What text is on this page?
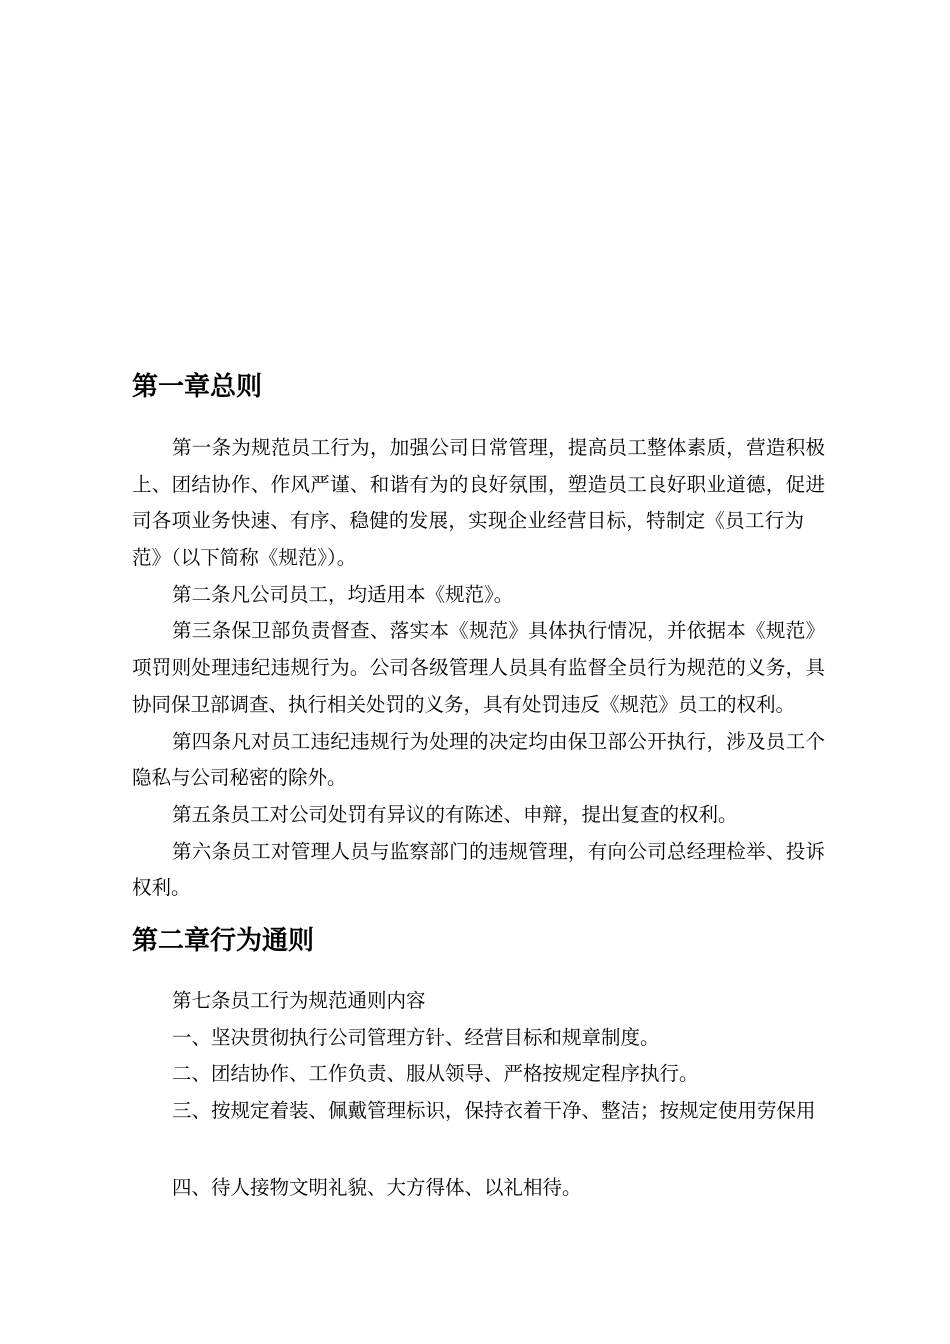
第一章总则
第一条为规范员工行为，加强公司日常管理，提高员工整体素质，营造积极
上、团结协作、作风严谨、和谐有为的良好氛围，塑造员工良好职业道德，促进
司各项业务快速、有序、稳健的发展，实现企业经营目标，特制定《员工行为
范》（以下简称《规范》）。
第二条凡公司员工，均适用本《规范》。
第三条保卫部负责督查、落实本《规范》具体执行情况，并依据本《规范》
项罚则处理违纪违规行为。公司各级管理人员具有监督全员行为规范的义务，具
协同保卫部调查、执行相关处罚的义务，具有处罚违反《规范》员工的权利。
第四条凡对员工违纪违规行为处理的决定均由保卫部公开执行，涉及员工个
隐私与公司秘密的除外。
第五条员工对公司处罚有异议的有陈述、申辩，提出复查的权利。
第六条员工对管理人员与监察部门的违规管理，有向公司总经理检举、投诉
权利。
第二章行为通则
第七条员工行为规范通则内容
一、坚决贯彻执行公司管理方针、经营目标和规章制度。
二、团结协作、工作负责、服从领导、严格按规定程序执行。
三、按规定着装、佩戴管理标识，保持衣着干净、整洁；按规定使用劳保用
四、待人接物文明礼貌、大方得体、以礼相待。
